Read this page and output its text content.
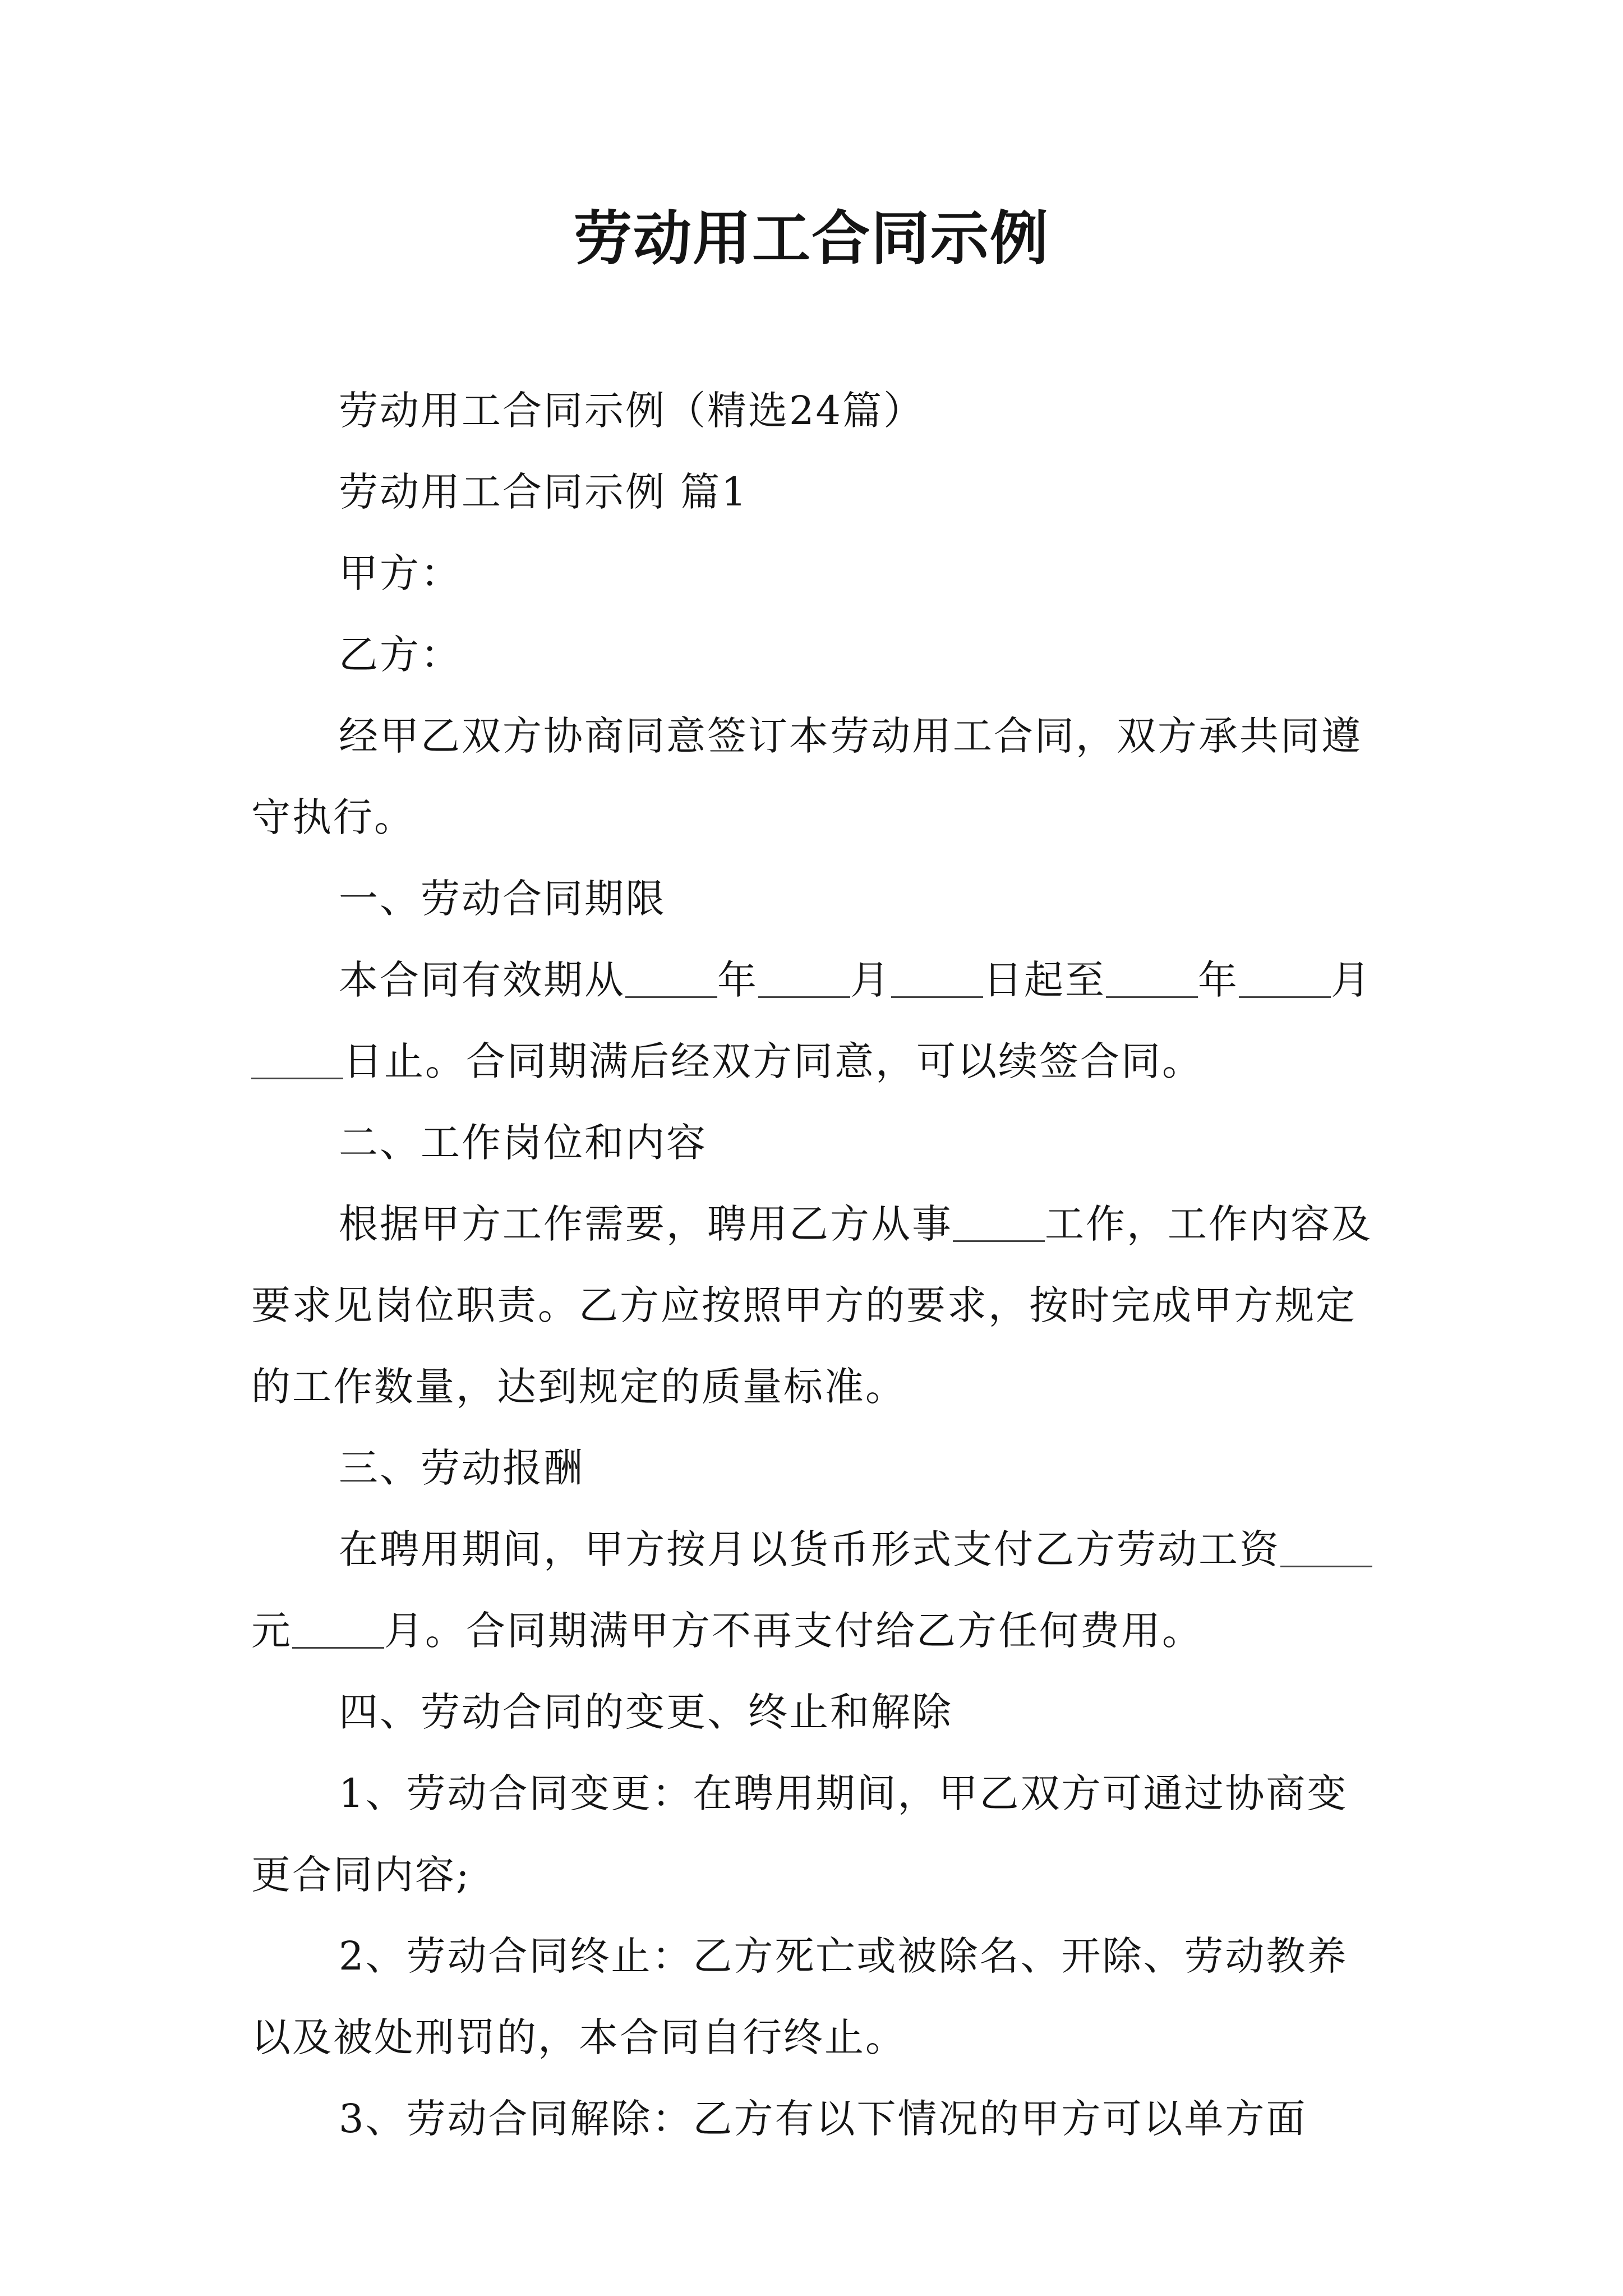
劳动用工合同示例

劳动用工合同示例（精选24篇）

劳动用工合同示例 篇1

甲方：

乙方：

经甲乙双方协商同意签订本劳动用工合同，双方承共同遵守执行。

一、劳动合同期限

本合同有效期从 年 月 日起至 年 月日止。合同期满后经双方同意，可以续签合同。

二、工作岗位和内容

根据甲方工作需要，聘用乙方从事 工作，工作内容及要求见岗位职责。乙方应按照甲方的要求，按时完成甲方规定的工作数量，达到规定的质量标准。

三、劳动报酬

在聘用期间，甲方按月以货币形式支付乙方劳动工资元 月。合同期满甲方不再支付给乙方任何费用。

四、劳动合同的变更、终止和解除

1、劳动合同变更：在聘用期间，甲乙双方可通过协商变更合同内容;

2、劳动合同终止：乙方死亡或被除名、开除、劳动教养以及被处刑罚的，本合同自行终止。

3、劳动合同解除：乙方有以下情况的甲方可以单方面
